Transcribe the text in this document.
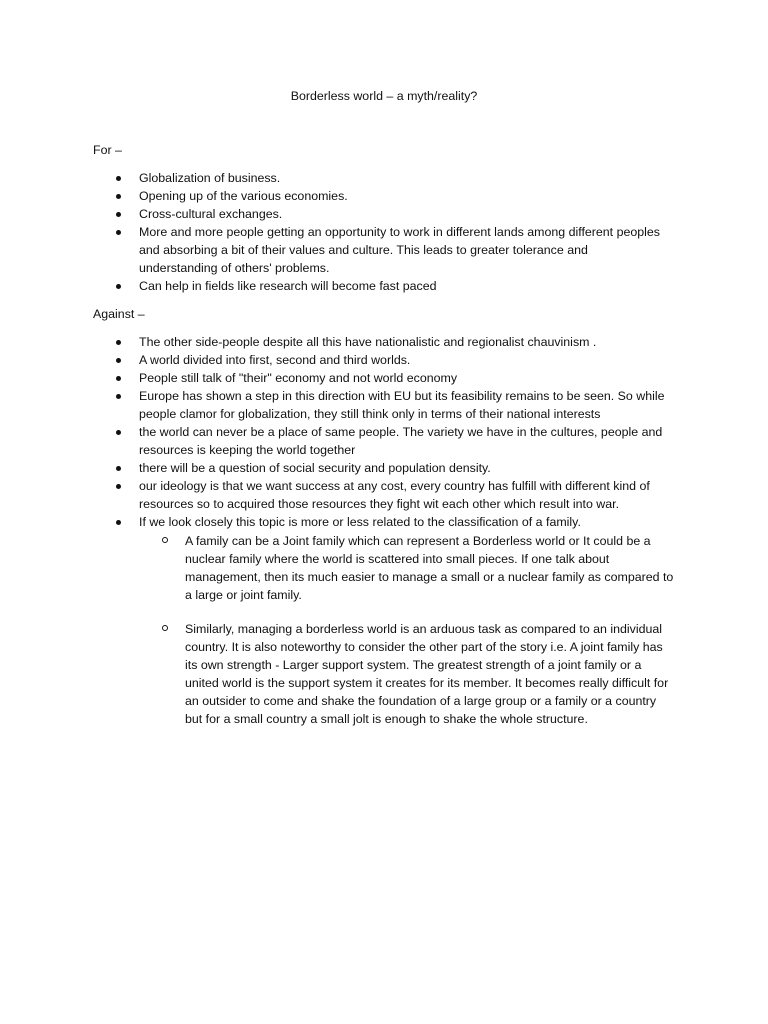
Borderless world – a myth/reality?
For –
Globalization of business.
Opening up of the various economies.
Cross-cultural exchanges.
More and more people getting an opportunity to work in different lands among different peoples and absorbing a bit of their values and culture. This leads to greater tolerance and understanding of others' problems.
Can help in fields like research will become fast paced
Against –
The other side-people despite all this have nationalistic and regionalist chauvinism .
A world divided into first, second and third worlds.
People still talk of "their" economy and not world economy
Europe has shown a step in this direction with EU but its feasibility remains to be seen. So while people clamor for globalization, they still think only in terms of their national interests
the world can never be a place of same people. The variety we have in the cultures, people and resources is keeping the world together
there will be a question of social security and population density.
our ideology is that we want success at any cost, every country has fulfill with different kind of resources so to acquired those resources they fight wit each other which result into war.
If we look closely this topic is more or less related to the classification of a family.
A family can be a Joint family which can represent a Borderless world or It could be a nuclear family where the world is scattered into small pieces. If one talk about management, then its much easier to manage a small or a nuclear family as compared to a large or joint family.
Similarly, managing a borderless world is an arduous task as compared to an individual country. It is also noteworthy to consider the other part of the story i.e. A joint family has its own strength - Larger support system. The greatest strength of a joint family or a united world is the support system it creates for its member. It becomes really difficult for an outsider to come and shake the foundation of a large group or a family or a country but for a small country a small jolt is enough to shake the whole structure.
